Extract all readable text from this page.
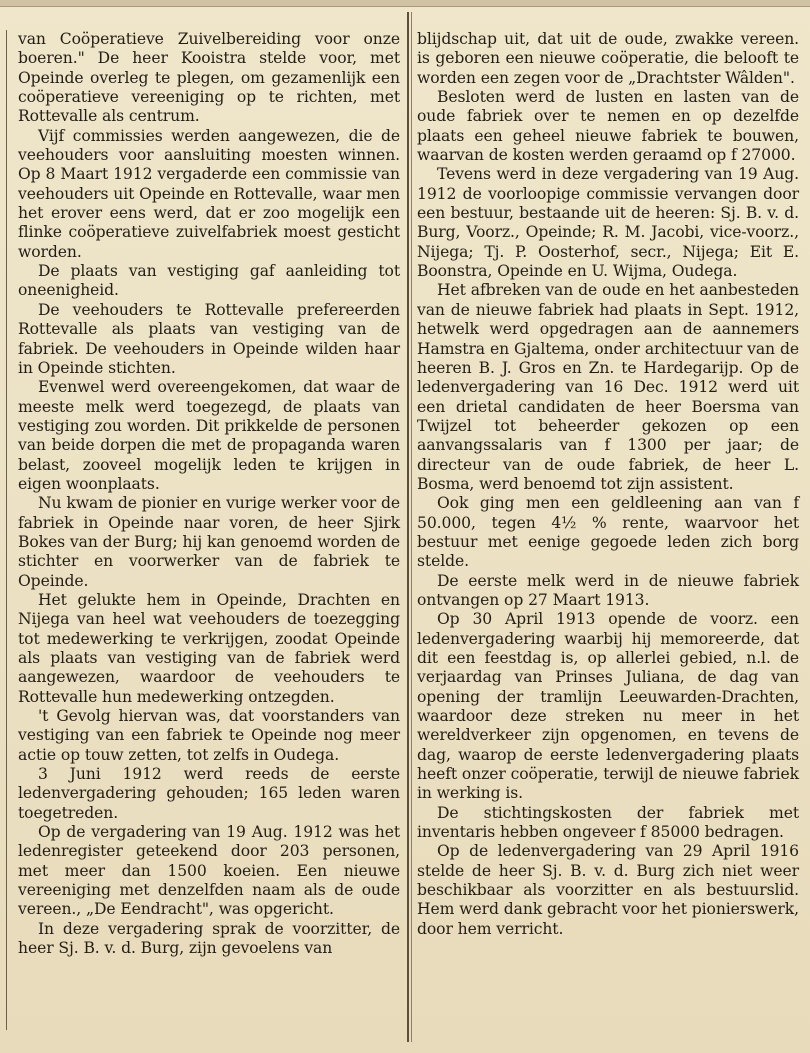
van Coöperatieve Zuivelbereiding voor onze boeren." De heer Kooistra stelde voor, met Opeinde overleg te plegen, om gezamenlijk een coöperatieve vereeniging op te richten, met Rottevalle als centrum.

Vijf commissies werden aangewezen, die de veehouders voor aansluiting moesten winnen. Op 8 Maart 1912 vergaderde een commissie van veehouders uit Opeinde en Rottevalle, waar men het erover eens werd, dat er zoo mogelijk een flinke coöperatieve zuivelfabriek moest gesticht worden.

De plaats van vestiging gaf aanleiding tot oneenigheid.

De veehouders te Rottevalle prefereerden Rottevalle als plaats van vestiging van de fabriek. De veehouders in Opeinde wilden haar in Opeinde stichten.

Evenwel werd overeengekomen, dat waar de meeste melk werd toegezegd, de plaats van vestiging zou worden. Dit prikkelde de personen van beide dorpen die met de propaganda waren belast, zooveel mogelijk leden te krijgen in eigen woonplaats.

Nu kwam de pionier en vurige werker voor de fabriek in Opeinde naar voren, de heer Sjirk Bokes van der Burg; hij kan genoemd worden de stichter en voorwerker van de fabriek te Opeinde.

Het gelukte hem in Opeinde, Drachten en Nijega van heel wat veehouders de toezegging tot medewerking te verkrijgen, zoodat Opeinde als plaats van vestiging van de fabriek werd aangewezen, waardoor de veehouders te Rottevalle hun medewerking ontzegden.

't Gevolg hiervan was, dat voorstanders van vestiging van een fabriek te Opeinde nog meer actie op touw zetten, tot zelfs in Oudega.

3 Juni 1912 werd reeds de eerste ledenvergadering gehouden; 165 leden waren toegetreden.

Op de vergadering van 19 Aug. 1912 was het ledenregister geteekend door 203 personen, met meer dan 1500 koeien. Een nieuwe vereeniging met denzelfden naam als de oude vereen., „De Eendracht", was opgericht.

In deze vergadering sprak de voorzitter, de heer Sj. B. v. d. Burg, zijn gevoelens van

blijdschap uit, dat uit de oude, zwakke vereen. is geboren een nieuwe coöperatie, die belooft te worden een zegen voor de „Drachtster Wâlden".

Besloten werd de lusten en lasten van de oude fabriek over te nemen en op dezelfde plaats een geheel nieuwe fabriek te bouwen, waarvan de kosten werden geraamd op f 27000.

Tevens werd in deze vergadering van 19 Aug. 1912 de voorloopige commissie vervangen door een bestuur, bestaande uit de heeren: Sj. B. v. d. Burg, Voorz., Opeinde; R. M. Jacobi, vice-voorz., Nijega; Tj. P. Oosterhof, secr., Nijega; Eit E. Boonstra, Opeinde en U. Wijma, Oudega.

Het afbreken van de oude en het aanbesteden van de nieuwe fabriek had plaats in Sept. 1912, hetwelk werd opgedragen aan de aannemers Hamstra en Gjaltema, onder architectuur van de heeren B. J. Gros en Zn. te Hardegarijp. Op de ledenvergadering van 16 Dec. 1912 werd uit een drietal candidaten de heer Boersma van Twijzel tot beheerder gekozen op een aanvangssalaris van f 1300 per jaar; de directeur van de oude fabriek, de heer L. Bosma, werd benoemd tot zijn assistent.

Ook ging men een geldleening aan van f 50.000, tegen 4½ % rente, waarvoor het bestuur met eenige gegoede leden zich borg stelde.

De eerste melk werd in de nieuwe fabriek ontvangen op 27 Maart 1913.

Op 30 April 1913 opende de voorz. een ledenvergadering waarbij hij memoreerde, dat dit een feestdag is, op allerlei gebied, n.l. de verjaardag van Prinses Juliana, de dag van opening der tramlijn Leeuwarden-Drachten, waardoor deze streken nu meer in het wereldverkeer zijn opgenomen, en tevens de dag, waarop de eerste ledenvergadering plaats heeft onzer coöperatie, terwijl de nieuwe fabriek in werking is.

De stichtingskosten der fabriek met inventaris hebben ongeveer f 85000 bedragen.

Op de ledenvergadering van 29 April 1916 stelde de heer Sj. B. v. d. Burg zich niet weer beschikbaar als voorzitter en als bestuurslid. Hem werd dank gebracht voor het pionierswerk, door hem verricht.
